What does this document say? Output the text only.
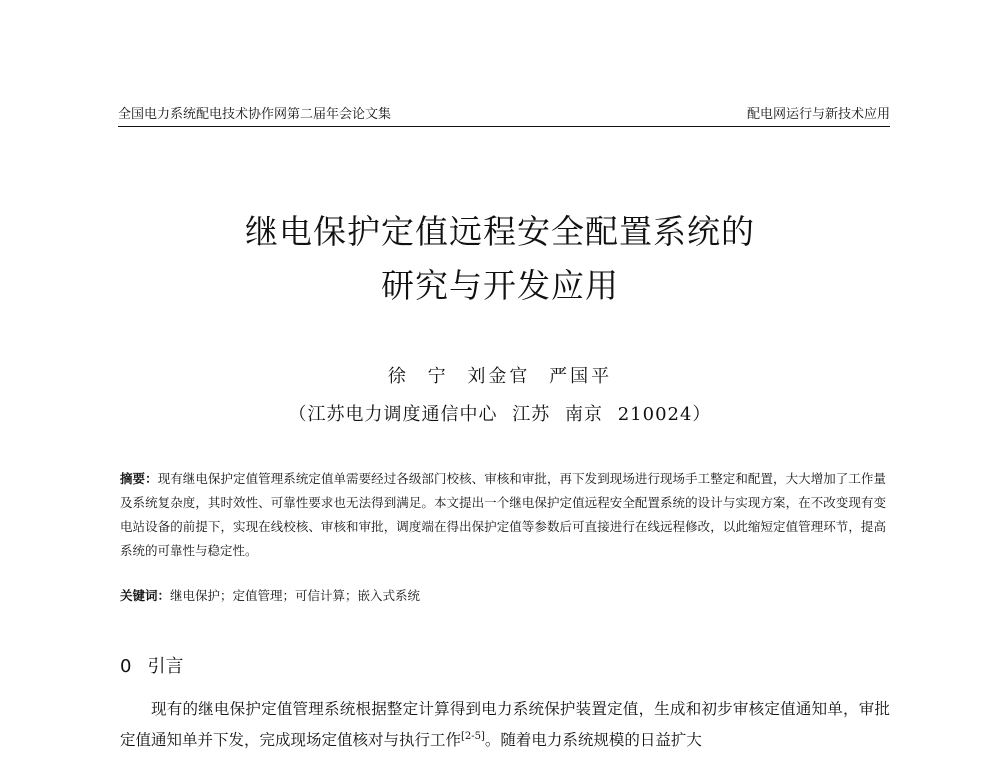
全国电力系统配电技术协作网第二届年会论文集	配电网运行与新技术应用
继电保护定值远程安全配置系统的
研究与开发应用
徐 宁 刘金官 严国平
（江苏电力调度通信中心 江苏 南京 210024）
摘要：现有继电保护定值管理系统定值单需要经过各级部门校核、审核和审批，再下发到现场进行现场手工整定和配置，大大增加了工作量及系统复杂度，其时效性、可靠性要求也无法得到满足。本文提出一个继电保护定值远程安全配置系统的设计与实现方案，在不改变现有变电站设备的前提下，实现在线校核、审核和审批，调度端在得出保护定值等参数后可直接进行在线远程修改，以此缩短定值管理环节，提高系统的可靠性与稳定性。
关键词：继电保护；定值管理；可信计算；嵌入式系统
0 引言
现有的继电保护定值管理系统根据整定计算得到电力系统保护装置定值，生成和初步审核定值通知单，审批定值通知单并下发，完成现场定值核对与执行工作[2-5]。随着电力系统规模的日益扩大
